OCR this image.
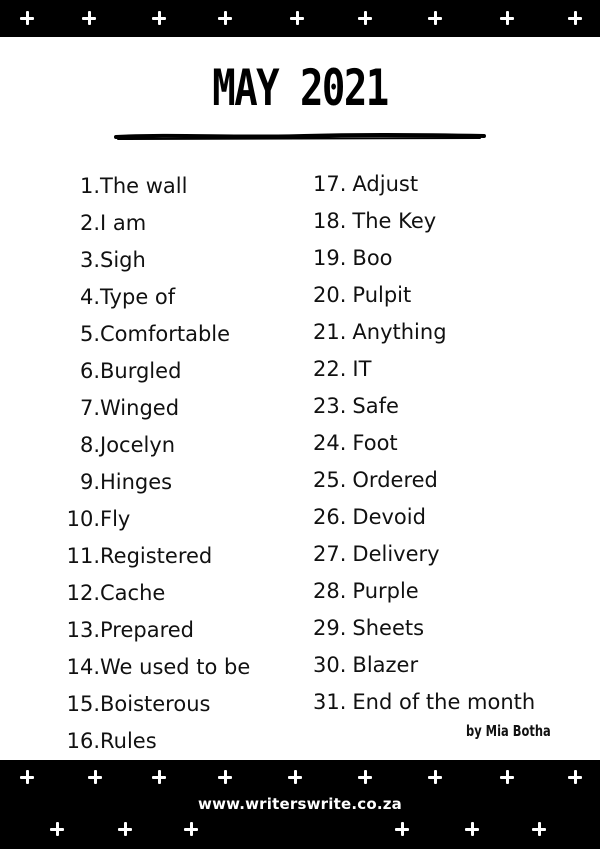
MAY 2021
1. The wall
2. I am
3. Sigh
4. Type of
5. Comfortable
6. Burgled
7. Winged
8. Jocelyn
9. Hinges
10. Fly
11. Registered
12. Cache
13. Prepared
14. We used to be
15. Boisterous
16. Rules
17. Adjust
18. The Key
19. Boo
20. Pulpit
21. Anything
22. IT
23. Safe
24. Foot
25. Ordered
26. Devoid
27. Delivery
28. Purple
29. Sheets
30. Blazer
31. End of the month
by Mia Botha
www.writerswrite.co.za
